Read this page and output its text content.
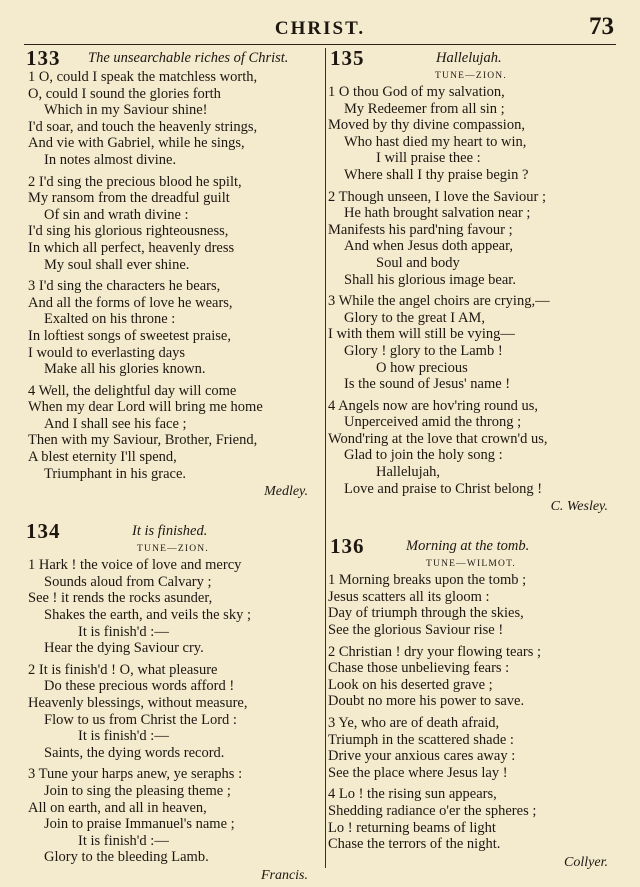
CHRIST.	73
133 The unsearchable riches of Christ.
1 O, could I speak the matchless worth,
O, could I sound the glories forth
Which in my Saviour shine!
I'd soar, and touch the heavenly strings,
And vie with Gabriel, while he sings,
In notes almost divine.
2 I'd sing the precious blood he spilt,
My ransom from the dreadful guilt
Of sin and wrath divine :
I'd sing his glorious righteousness,
In which all perfect, heavenly dress
My soul shall ever shine.
3 I'd sing the characters he bears,
And all the forms of love he wears,
Exalted on his throne :
In loftiest songs of sweetest praise,
I would to everlasting days
Make all his glories known.
4 Well, the delightful day will come
When my dear Lord will bring me home
And I shall see his face ;
Then with my Saviour, Brother, Friend,
A blest eternity I'll spend,
Triumphant in his grace.
Medley.
134	It is finished.
TUNE—ZION.
1 Hark ! the voice of love and mercy
Sounds aloud from Calvary ;
See ! it rends the rocks asunder,
Shakes the earth, and veils the sky ;
It is finish'd :—
Hear the dying Saviour cry.
2 It is finish'd ! O, what pleasure
Do these precious words afford !
Heavenly blessings, without measure,
Flow to us from Christ the Lord :
It is finish'd :—
Saints, the dying words record.
3 Tune your harps anew, ye seraphs :
Join to sing the pleasing theme ;
All on earth, and all in heaven,
Join to praise Immanuel's name ;
It is finish'd :—
Glory to the bleeding Lamb.
Francis.
135	Hallelujah.
TUNE—ZION.
1 O thou God of my salvation,
My Redeemer from all sin ;
Moved by thy divine compassion,
Who hast died my heart to win,
I will praise thee :
Where shall I thy praise begin ?
2 Though unseen, I love the Saviour ;
He hath brought salvation near ;
Manifests his pard'ning favour ;
And when Jesus doth appear,
Soul and body
Shall his glorious image bear.
3 While the angel choirs are crying,—
Glory to the great I AM,
I with them will still be vying—
Glory ! glory to the Lamb !
O how precious
Is the sound of Jesus' name !
4 Angels now are hov'ring round us,
Unperceived amid the throng ;
Wond'ring at the love that crown'd us,
Glad to join the holy song :
Hallelujah,
Love and praise to Christ belong !
C. Wesley.
136	Morning at the tomb.
TUNE—WILMOT.
1 Morning breaks upon the tomb ;
Jesus scatters all its gloom :
Day of triumph through the skies,
See the glorious Saviour rise !
2 Christian ! dry your flowing tears ;
Chase those unbelieving fears :
Look on his deserted grave ;
Doubt no more his power to save.
3 Ye, who are of death afraid,
Triumph in the scattered shade :
Drive your anxious cares away :
See the place where Jesus lay !
4 Lo ! the rising sun appears,
Shedding radiance o'er the spheres ;
Lo ! returning beams of light
Chase the terrors of the night.
Collyer.
